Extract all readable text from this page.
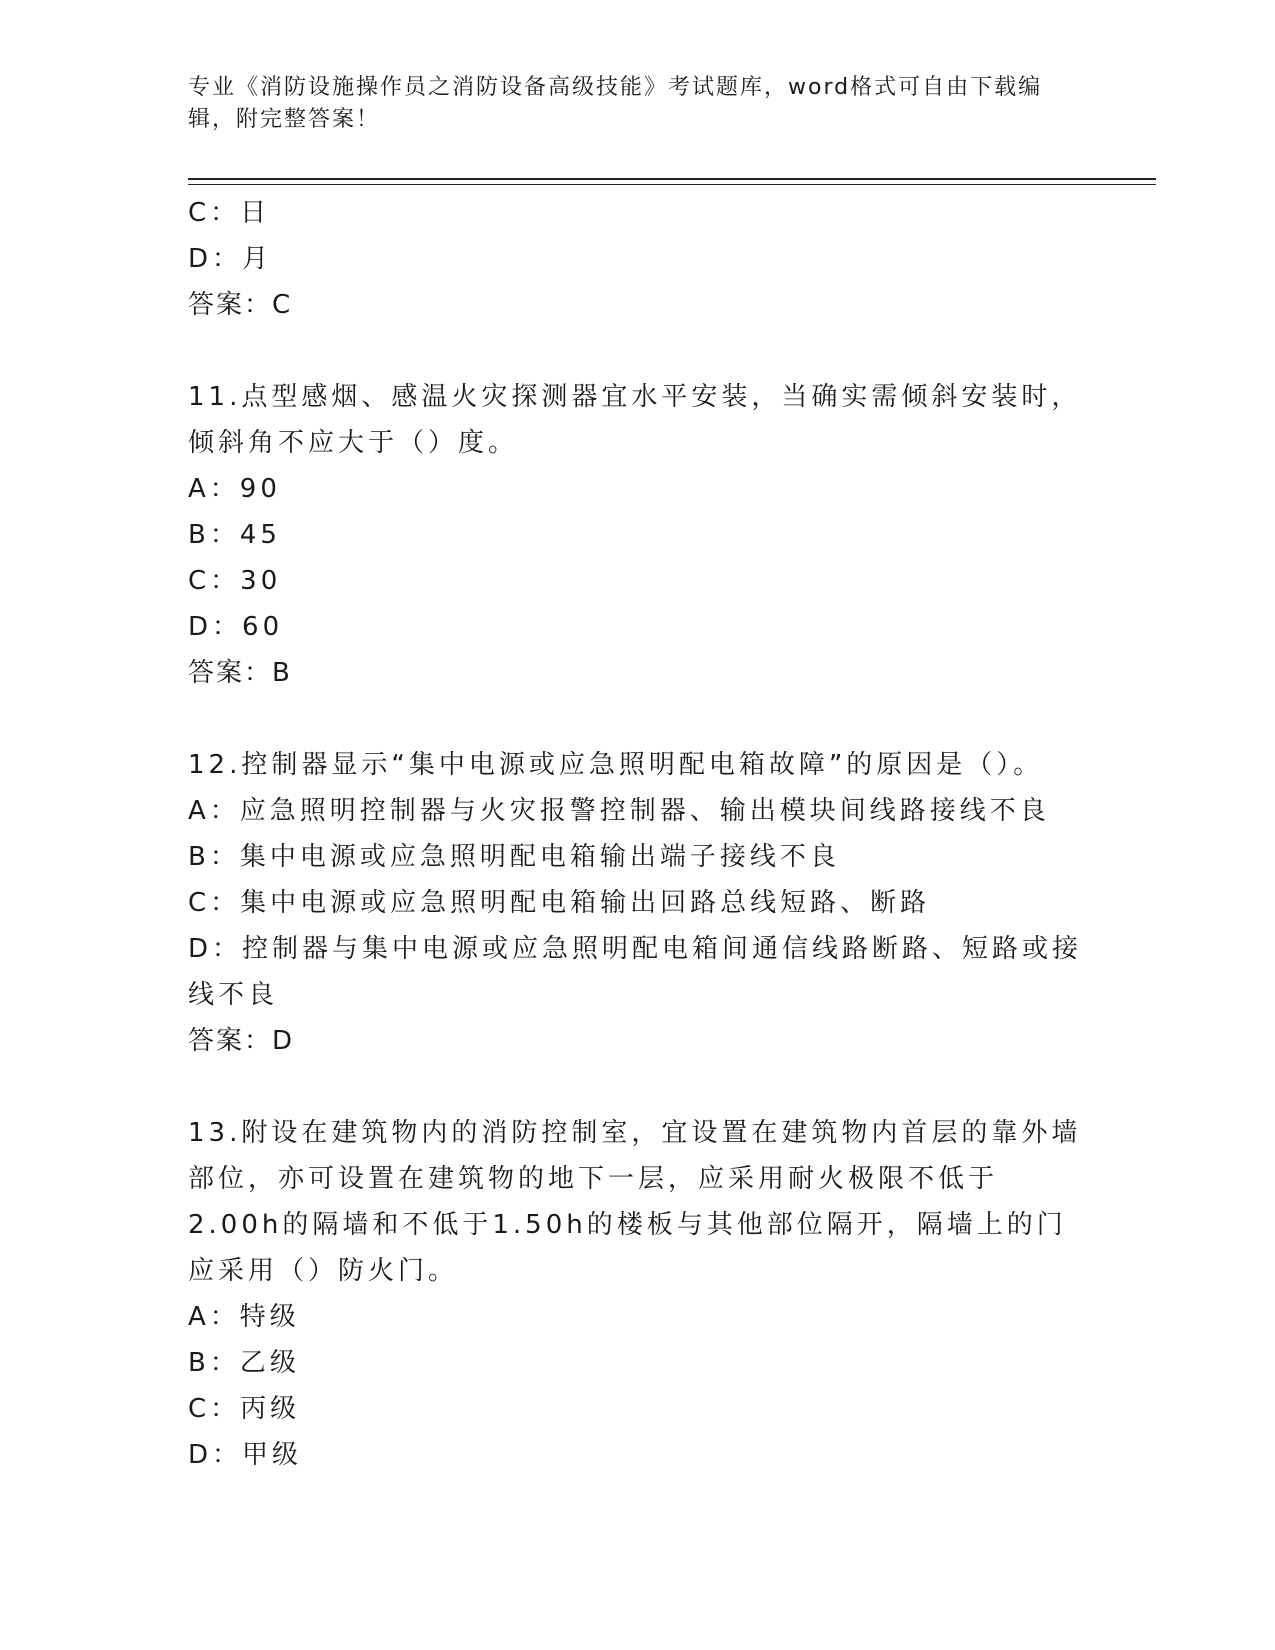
专业《消防设施操作员之消防设备高级技能》考试题库，word格式可自由下载编辑，附完整答案！
C：日
D：月
答案：C
11.点型感烟、感温火灾探测器宜水平安装，当确实需倾斜安装时，倾斜角不应大于（）度。
A：90
B：45
C：30
D：60
答案：B
12.控制器显示“集中电源或应急照明配电箱故障”的原因是（）。
A：应急照明控制器与火灾报警控制器、输出模块间线路接线不良
B：集中电源或应急照明配电箱输出端子接线不良
C：集中电源或应急照明配电箱输出回路总线短路、断路
D：控制器与集中电源或应急照明配电箱间通信线路断路、短路或接线不良
答案：D
13.附设在建筑物内的消防控制室，宜设置在建筑物内首层的靠外墙部位，亦可设置在建筑物的地下一层，应采用耐火极限不低于2.00h的隔墙和不低于1.50h的楼板与其他部位隔开，隔墙上的门应采用（）防火门。
A：特级
B：乙级
C：丙级
D：甲级
